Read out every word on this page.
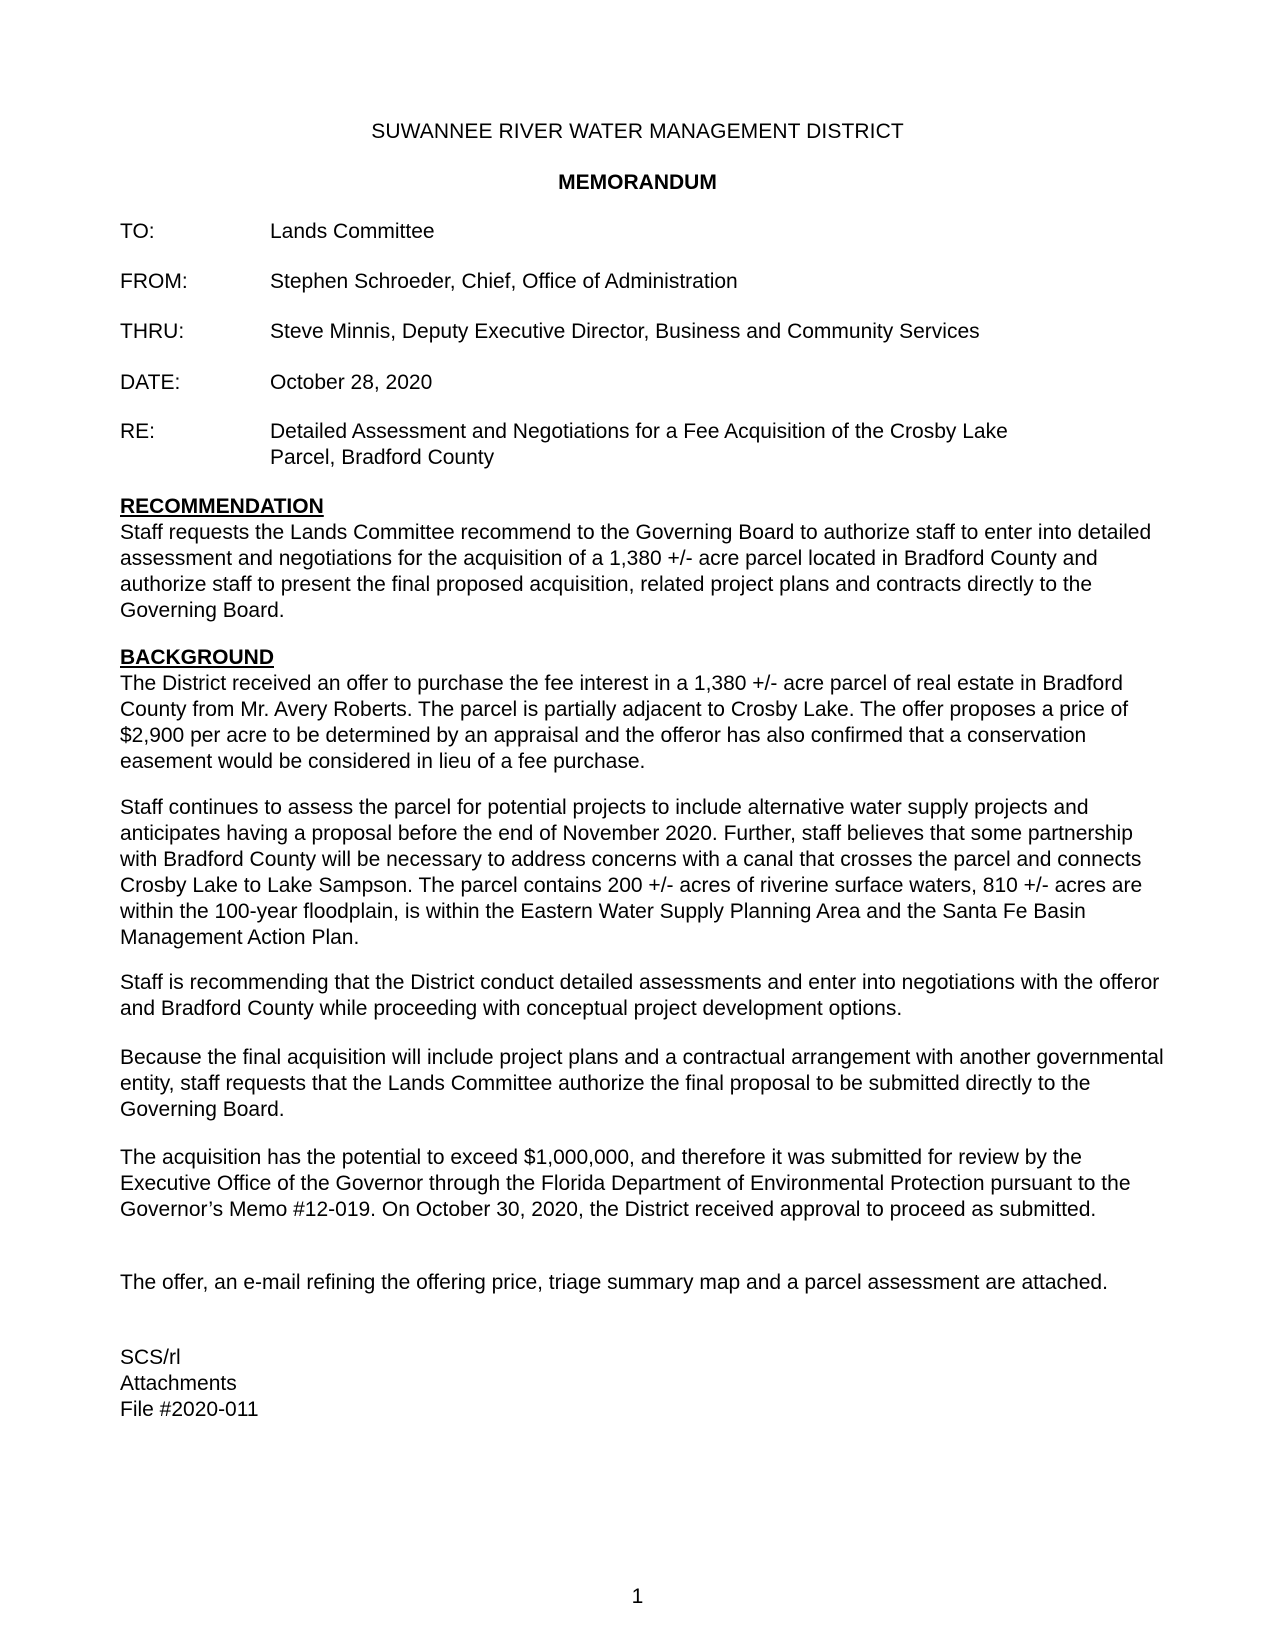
SUWANNEE RIVER WATER MANAGEMENT DISTRICT
MEMORANDUM
TO:	Lands Committee
FROM:	Stephen Schroeder, Chief, Office of Administration
THRU:	Steve Minnis, Deputy Executive Director, Business and Community Services
DATE:	October 28, 2020
RE:	Detailed Assessment and Negotiations for a Fee Acquisition of the Crosby Lake Parcel, Bradford County
RECOMMENDATION

Staff requests the Lands Committee recommend to the Governing Board to authorize staff to enter into detailed assessment and negotiations for the acquisition of a 1,380 +/- acre parcel located in Bradford County and authorize staff to present the final proposed acquisition, related project plans and contracts directly to the Governing Board.

BACKGROUND

The District received an offer to purchase the fee interest in a 1,380 +/- acre parcel of real estate in Bradford County from Mr. Avery Roberts. The parcel is partially adjacent to Crosby Lake. The offer proposes a price of $2,900 per acre to be determined by an appraisal and the offeror has also confirmed that a conservation easement would be considered in lieu of a fee purchase.

Staff continues to assess the parcel for potential projects to include alternative water supply projects and anticipates having a proposal before the end of November 2020. Further, staff believes that some partnership with Bradford County will be necessary to address concerns with a canal that crosses the parcel and connects Crosby Lake to Lake Sampson. The parcel contains 200 +/- acres of riverine surface waters, 810 +/- acres are within the 100-year floodplain, is within the Eastern Water Supply Planning Area and the Santa Fe Basin Management Action Plan.

Staff is recommending that the District conduct detailed assessments and enter into negotiations with the offeror and Bradford County while proceeding with conceptual project development options.

Because the final acquisition will include project plans and a contractual arrangement with another governmental entity, staff requests that the Lands Committee authorize the final proposal to be submitted directly to the Governing Board.

The acquisition has the potential to exceed $1,000,000, and therefore it was submitted for review by the Executive Office of the Governor through the Florida Department of Environmental Protection pursuant to the Governor’s Memo #12-019. On October 30, 2020, the District received approval to proceed as submitted.

The offer, an e-mail refining the offering price, triage summary map and a parcel assessment are attached.

SCS/rl
Attachments
File #2020-011
1
